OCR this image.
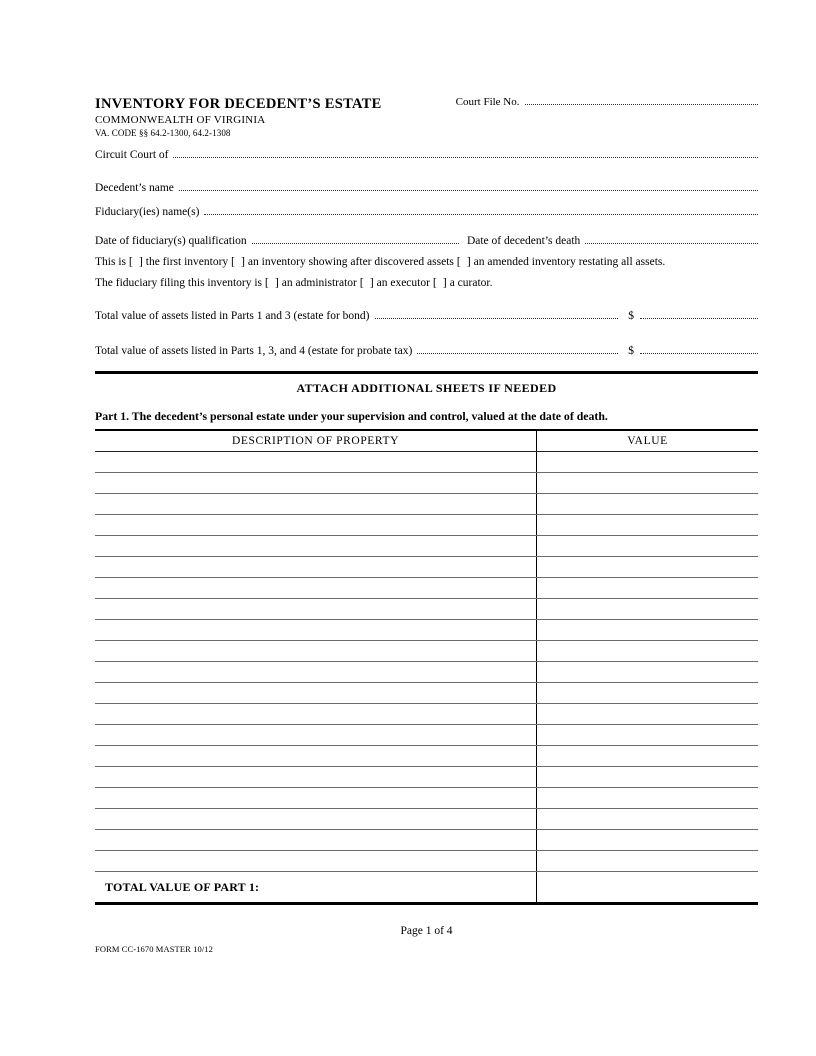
INVENTORY FOR DECEDENT’S ESTATE	Court File No.
COMMONWEALTH OF VIRGINIA
VA. CODE §§ 64.2-1300, 64.2-1308
Circuit Court of
Decedent’s name
Fiduciary(ies) name(s)
Date of fiduciary(s) qualification	Date of decedent’s death
This is [  ] the first inventory [  ] an inventory showing after discovered assets [  ] an amended inventory restating all assets.
The fiduciary filing this inventory is [  ] an administrator [  ] an executor [  ] a curator.
Total value of assets listed in Parts 1 and 3 (estate for bond)	$
Total value of assets listed in Parts 1, 3, and 4 (estate for probate tax)	$
ATTACH ADDITIONAL SHEETS IF NEEDED
Part 1. The decedent’s personal estate under your supervision and control, valued at the date of death.
DESCRIPTION OF PROPERTY	VALUE
TOTAL VALUE OF PART 1:
Page 1 of 4
FORM CC-1670 MASTER 10/12
